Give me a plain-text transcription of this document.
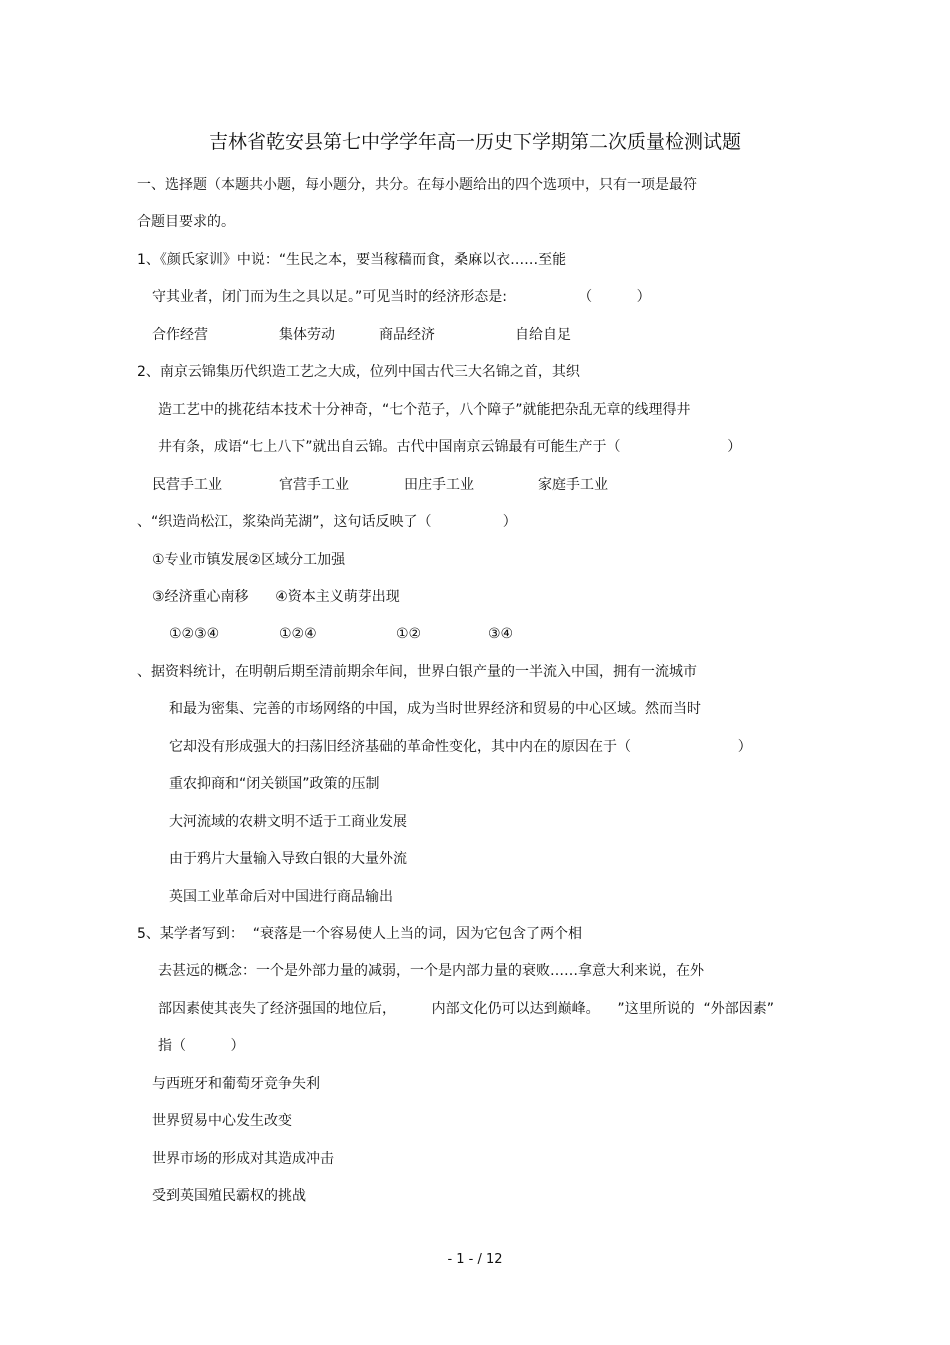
吉林省乾安县第七中学学年高一历史下学期第二次质量检测试题
一、选择题（本题共小题，每小题分，共分。在每小题给出的四个选项中，只有一项是最符
合题目要求的。
1、《颜氏家训》中说：“生民之本，要当稼穑而食，桑麻以衣……至能
守其业者，闭门而为生之具以足。”可见当时的经济形态是:                （          ）
合作经营	集体劳动	商品经济	自给自足
2、南京云锦集历代织造工艺之大成，位列中国古代三大名锦之首，其织
造工艺中的挑花结本技术十分神奇，“七个范子，八个障子”就能把杂乱无章的线理得井
井有条，成语“七上八下”就出自云锦。古代中国南京云锦最有可能生产于（                        ）
民营手工业	官营手工业	田庄手工业	家庭手工业
、“织造尚松江，浆染尚芜湖”，这句话反映了（                ）
①专业市镇发展②区域分工加强
③经济重心南移      ④资本主义萌芽出现
①②③④	①②④	①②	③④
、据资料统计，在明朝后期至清前期余年间，世界白银产量的一半流入中国，拥有一流城市
和最为密集、完善的市场网络的中国，成为当时世界经济和贸易的中心区域。然而当时
它却没有形成强大的扫荡旧经济基础的革命性变化，其中内在的原因在于（                        ）
重农抑商和“闭关锁国”政策的压制
大河流域的农耕文明不适于工商业发展
由于鸦片大量输入导致白银的大量外流
英国工业革命后对中国进行商品输出
5、某学者写到：  “衰落是一个容易使人上当的词，因为它包含了两个相
去甚远的概念：一个是外部力量的减弱，一个是内部力量的衰败……拿意大利来说，在外
部因素使其丧失了经济强国的地位后，        内部文化仍可以达到巅峰。    ”这里所说的  “外部因素”
指（          ）
与西班牙和葡萄牙竞争失利
世界贸易中心发生改变
世界市场的形成对其造成冲击
受到英国殖民霸权的挑战
- 1 - / 12
